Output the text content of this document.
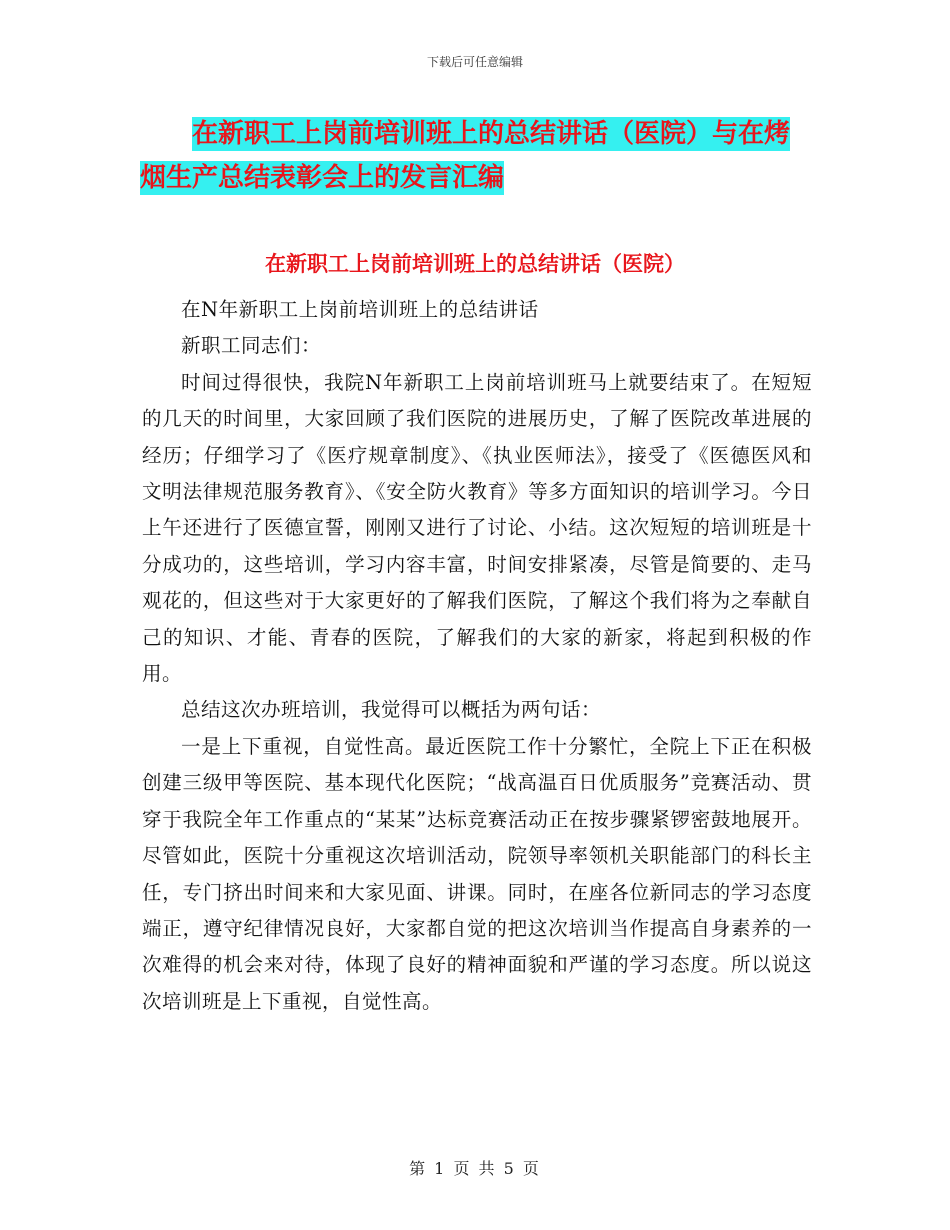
下载后可任意编辑
在新职工上岗前培训班上的总结讲话（医院）与在烤
烟生产总结表彰会上的发言汇编
在新职工上岗前培训班上的总结讲话（医院）

在N年新职工上岗前培训班上的总结讲话

新职工同志们：

时间过得很快，我院N年新职工上岗前培训班马上就要结束了。在短短的几天的时间里，大家回顾了我们医院的进展历史，了解了医院改革进展的经历；仔细学习了《医疗规章制度》、《执业医师法》，接受了《医德医风和文明法律规范服务教育》、《安全防火教育》等多方面知识的培训学习。今日上午还进行了医德宣誓，刚刚又进行了讨论、小结。这次短短的培训班是十分成功的，这些培训，学习内容丰富，时间安排紧凑，尽管是简要的、走马观花的，但这些对于大家更好的了解我们医院，了解这个我们将为之奉献自己的知识、才能、青春的医院，了解我们的大家的新家，将起到积极的作用。

总结这次办班培训，我觉得可以概括为两句话：

一是上下重视，自觉性高。最近医院工作十分繁忙，全院上下正在积极创建三级甲等医院、基本现代化医院；“战高温百日优质服务”竞赛活动、贯穿于我院全年工作重点的“某某”达标竞赛活动正在按步骤紧锣密鼓地展开。尽管如此，医院十分重视这次培训活动，院领导率领机关职能部门的科长主任，专门挤出时间来和大家见面、讲课。同时，在座各位新同志的学习态度端正，遵守纪律情况良好，大家都自觉的把这次培训当作提高自身素养的一次难得的机会来对待，体现了良好的精神面貌和严谨的学习态度。所以说这次培训班是上下重视，自觉性高。

第 1 页 共 5 页
